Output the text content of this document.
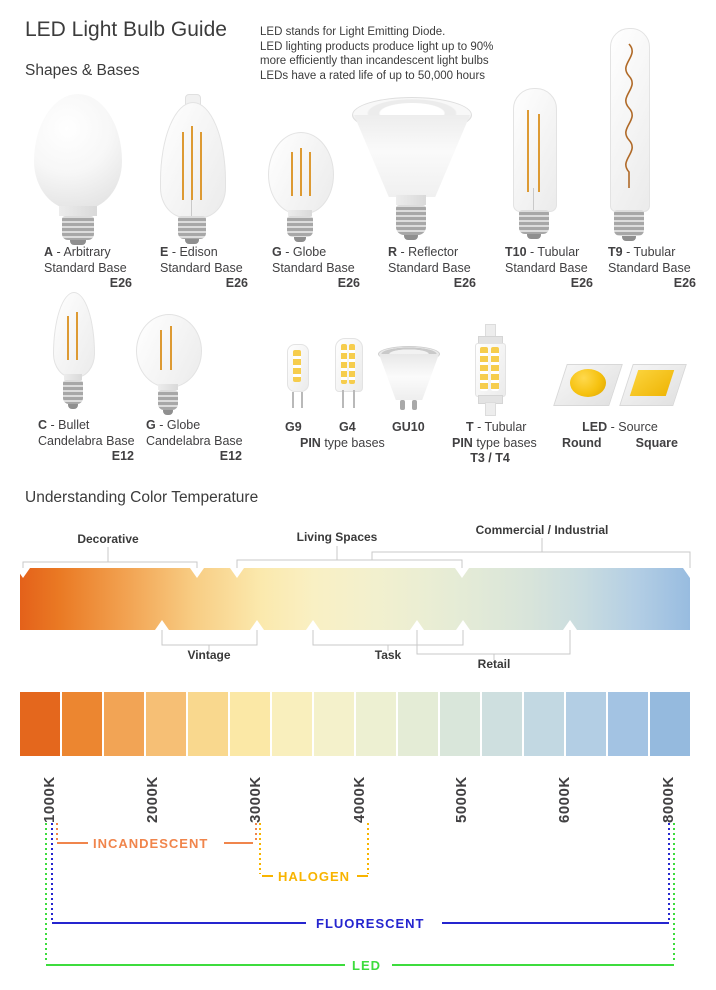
LED Light Bulb Guide
Shapes & Bases
LED stands for Light Emitting Diode.
LED lighting products produce light up to 90%
more efficiently than incandescent light bulbs
LEDs have a rated life of up to 50,000 hours
A - Arbitrary
Standard Base
E26
E - Edison
Standard Base
E26
G - Globe
Standard Base
E26
R - Reflector
Standard Base
E26
T10 - Tubular
Standard Base
E26
T9 - Tubular
Standard Base
E26
C - Bullet
Candelabra Base
E12
G - Globe
Candelabra Base
E12
G9	G4	GU10
PIN type bases
T - Tubular
PIN type bases
T3 / T4
LED - Source
Round	Square
Understanding Color Temperature
Decorative	Living Spaces	Commercial / Industrial
Vintage	Task
Retail
1000K	2000K	3000K	4000K	5000K	6000K	8000K
INCANDESCENT
HALOGEN
FLUORESCENT
LED
